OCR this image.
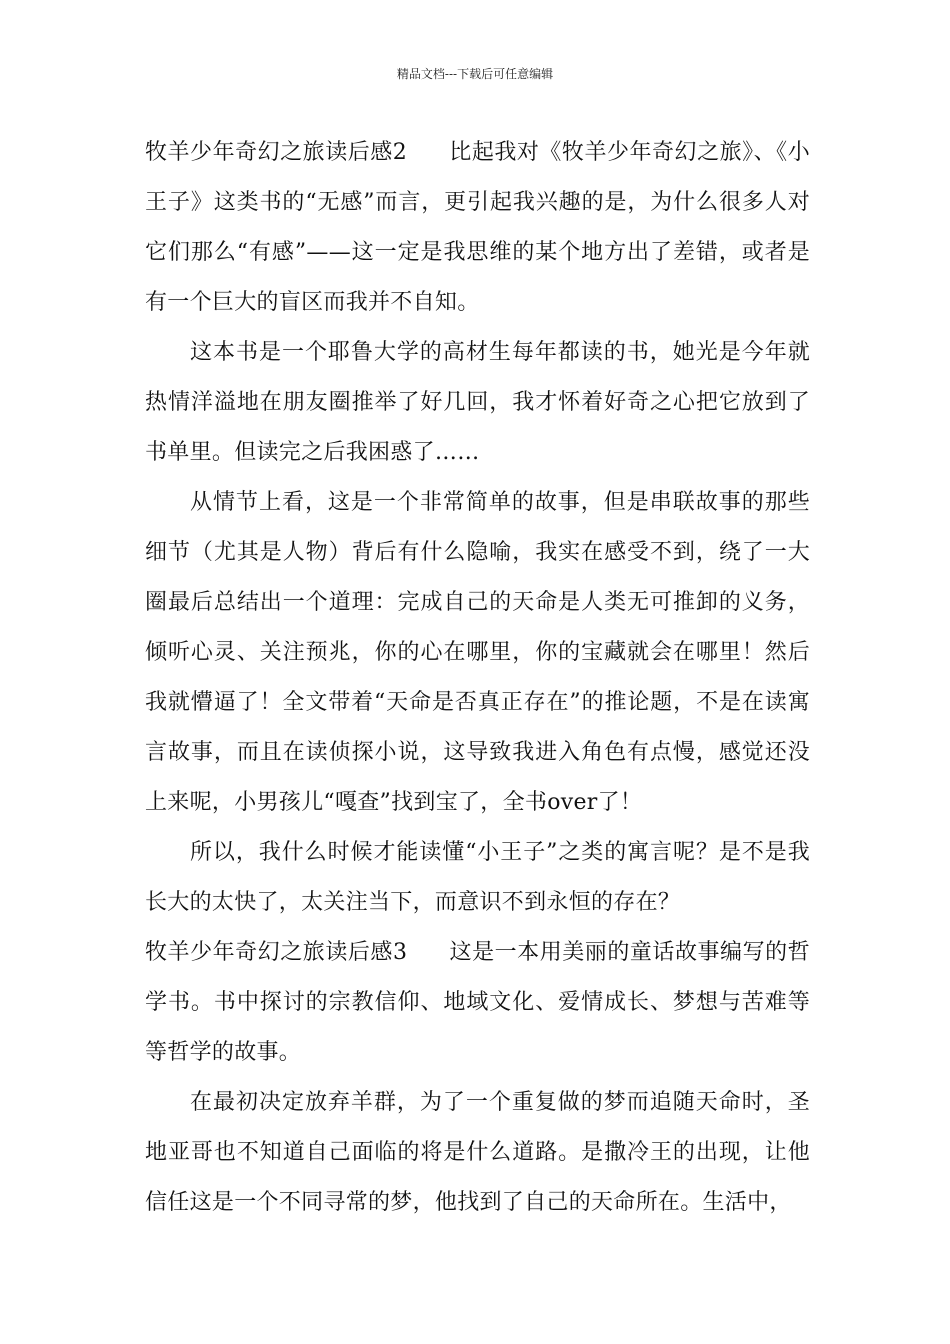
精品文档---下载后可任意编辑

牧羊少年奇幻之旅读后感2 比起我对《牧羊少年奇幻之旅》、《小王子》这类书的“无感”而言，更引起我兴趣的是，为什么很多人对它们那么“有感”——这一定是我思维的某个地方出了差错，或者是有一个巨大的盲区而我并不自知。

这本书是一个耶鲁大学的高材生每年都读的书，她光是今年就热情洋溢地在朋友圈推举了好几回，我才怀着好奇之心把它放到了书单里。但读完之后我困惑了……

从情节上看，这是一个非常简单的故事，但是串联故事的那些细节（尤其是人物）背后有什么隐喻，我实在感受不到，绕了一大圈最后总结出一个道理：完成自己的天命是人类无可推卸的义务，倾听心灵、关注预兆，你的心在哪里，你的宝藏就会在哪里！然后我就懵逼了！全文带着“天命是否真正存在”的推论题，不是在读寓言故事，而且在读侦探小说，这导致我进入角色有点慢，感觉还没上来呢，小男孩儿“嘎查”找到宝了，全书over了！

所以，我什么时候才能读懂“小王子”之类的寓言呢？是不是我长大的太快了，太关注当下，而意识不到永恒的存在？

牧羊少年奇幻之旅读后感3 这是一本用美丽的童话故事编写的哲学书。书中探讨的宗教信仰、地域文化、爱情成长、梦想与苦难等等哲学的故事。

在最初决定放弃羊群，为了一个重复做的梦而追随天命时，圣地亚哥也不知道自己面临的将是什么道路。是撒冷王的出现，让他信任这是一个不同寻常的梦，他找到了自己的天命所在。生活中，
